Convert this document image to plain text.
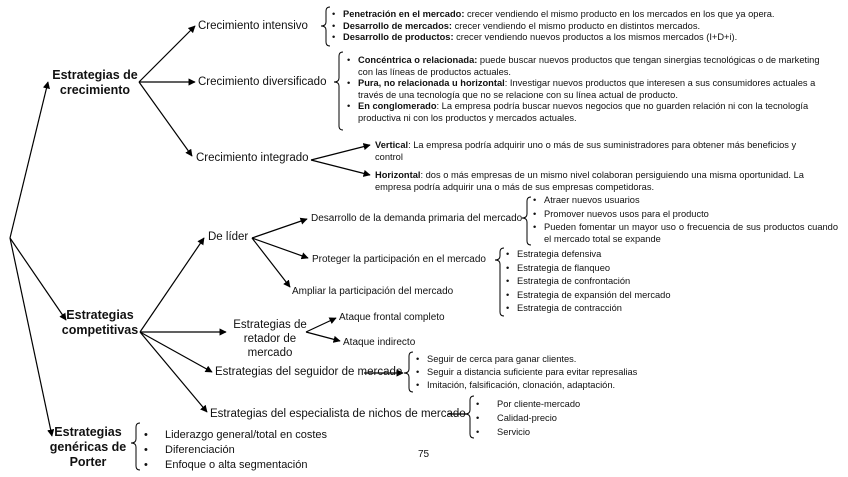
Estrategias de crecimiento
Estrategias competitivas
Estrategias genéricas de Porter
Crecimiento intensivo
Crecimiento diversificado
Crecimiento integrado
• Penetración en el mercado: crecer vendiendo el mismo producto en los mercados en los que ya opera.
• Desarrollo de mercados: crecer vendiendo el mismo producto en distintos mercados.
• Desarrollo de productos: crecer vendiendo nuevos productos a los mismos mercados (I+D+i).
• Concéntrica o relacionada: puede buscar nuevos productos que tengan sinergias tecnológicas o de marketing con las líneas de productos actuales.
• Pura, no relacionada u horizontal: Investigar nuevos productos que interesen a sus consumidores actuales a través de una tecnología que no se relacione con su línea actual de producto.
• En conglomerado: La empresa podría buscar nuevos negocios que no guarden relación ni con la tecnología productiva ni con los productos y mercados actuales.
Vertical: La empresa podría adquirir uno o más de sus suministradores para obtener más beneficios y control
Horizontal: dos o más empresas de un mismo nivel colaboran persiguiendo una misma oportunidad. La empresa podría adquirir una o más de sus empresas competidoras.
De líder
Desarrollo de la demanda primaria del mercado
Proteger la participación en el mercado
Ampliar la participación del mercado
• Atraer nuevos usuarios
• Promover nuevos usos para el producto
• Pueden fomentar un mayor uso o frecuencia de sus productos cuando el mercado total se expande
• Estrategia defensiva
• Estrategia de flanqueo
• Estrategia de confrontación
• Estrategia de expansión del mercado
• Estrategia de contracción
Estrategias de retador de mercado
Ataque frontal completo
Ataque indirecto
Estrategias del seguidor de mercado
• Seguir de cerca para ganar clientes.
• Seguir a distancia suficiente para evitar represalias
• Imitación, falsificación, clonación, adaptación.
Estrategias del especialista de nichos de mercado
• Por cliente-mercado
• Calidad-precio
• Servicio
• Liderazgo general/total en costes
• Diferenciación
• Enfoque o alta segmentación
75
